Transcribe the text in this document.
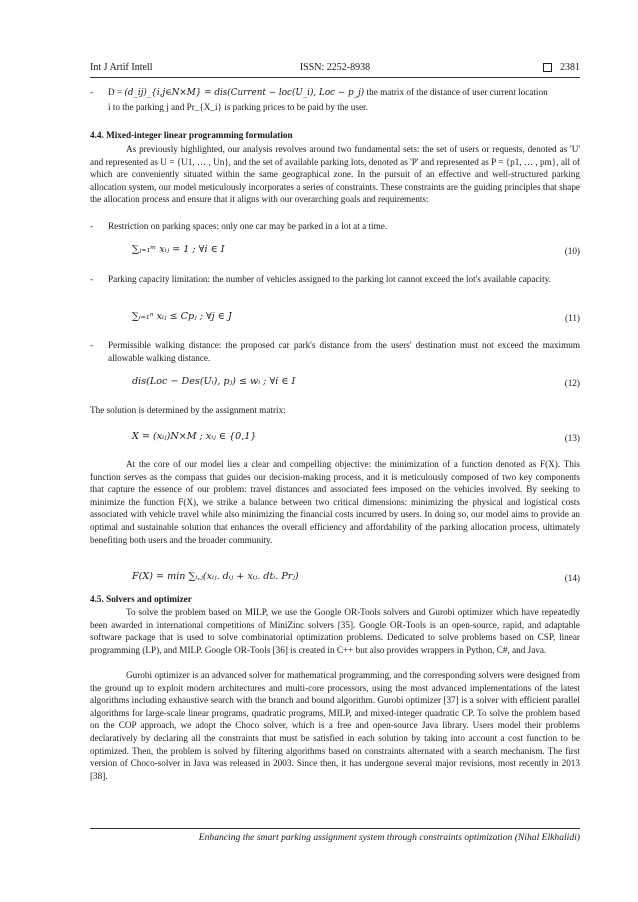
Int J Artif Intell	ISSN: 2252-8938	2381
- D = (d_ij)_{i,j∈N×M} = dis(Current − loc(U_i), Loc − p_j) the matrix of the distance of user current location
i to the parking j and Pr_{X_i} is parking prices to be paid by the user.
4.4. Mixed-integer linear programming formulation
As previously highlighted, our analysis revolves around two fundamental sets: the set of users or requests, denoted as 'U' and represented as U = {U1, … , Un}, and the set of available parking lots, denoted as 'P' and represented as P = {p1, … , pm}, all of which are conveniently situated within the same geographical zone. In the pursuit of an effective and well-structured parking allocation system, our model meticulously incorporates a series of constraints. These constraints are the guiding principles that shape the allocation process and ensure that it aligns with our overarching goals and requirements:
- Restriction on parking spaces: only one car may be parked in a lot at a time.
∑ⱼ₌₁ᵐ xᵢⱼ = 1 ; ∀i ∈ I	(10)
- Parking capacity limitation: the number of vehicles assigned to the parking lot cannot exceed the lot's available capacity.
∑ᵢ₌₁ⁿ xᵢⱼ ≤ Cpⱼ ; ∀j ∈ J	(11)
- Permissible walking distance: the proposed car park's distance from the users' destination must not exceed the maximum allowable walking distance.
dis(Loc − Des(Uᵢ), pⱼ) ≤ wᵢ ; ∀i ∈ I	(12)
The solution is determined by the assignment matrix:
X = (xᵢⱼ)N×M ; xᵢⱼ ∈ {0,1}	(13)
At the core of our model lies a clear and compelling objective: the minimization of a function denoted as F(X). This function serves as the compass that guides our decision-making process, and it is meticulously composed of two key components that capture the essence of our problem: travel distances and associated fees imposed on the vehicles involved. By seeking to minimize the function F(X), we strike a balance between two critical dimensions: minimizing the physical and logistical costs associated with vehicle travel while also minimizing the financial costs incurred by users. In doing so, our model aims to provide an optimal and sustainable solution that enhances the overall efficiency and affordability of the parking allocation process, ultimately benefiting both users and the broader community.
F(X) = min ∑ᵢ,ⱼ(xᵢⱼ. dᵢⱼ + xᵢⱼ. dtᵢ. Prⱼ)	(14)
4.5. Solvers and optimizer
To solve the problem based on MILP, we use the Google OR-Tools solvers and Gurobi optimizer which have repeatedly been awarded in international competitions of MiniZinc solvers [35]. Google OR-Tools is an open-source, rapid, and adaptable software package that is used to solve combinatorial optimization problems. Dedicated to solve problems based on CSP, linear programming (LP), and MILP. Google OR-Tools [36] is created in C++ but also provides wrappers in Python, C#, and Java.
Gurobi optimizer is an advanced solver for mathematical programming, and the corresponding solvers were designed from the ground up to exploit modern architectures and multi-core processors, using the most advanced implementations of the latest algorithms including exhaustive search with the branch and bound algorithm. Gurobi optimizer [37] is a solver with efficient parallel algorithms for large-scale linear programs, quadratic programs, MILP, and mixed-integer quadratic CP. To solve the problem based on the COP approach, we adopt the Choco solver, which is a free and open-source Java library. Users model their problems declaratively by declaring all the constraints that must be satisfied in each solution by taking into account a cost function to be optimized. Then, the problem is solved by filtering algorithms based on constraints alternated with a search mechanism. The first version of Choco-solver in Java was released in 2003. Since then, it has undergone several major revisions, most recently in 2013 [38].
Enhancing the smart parking assignment system through constraints optimization (Nihal Elkhalidi)
